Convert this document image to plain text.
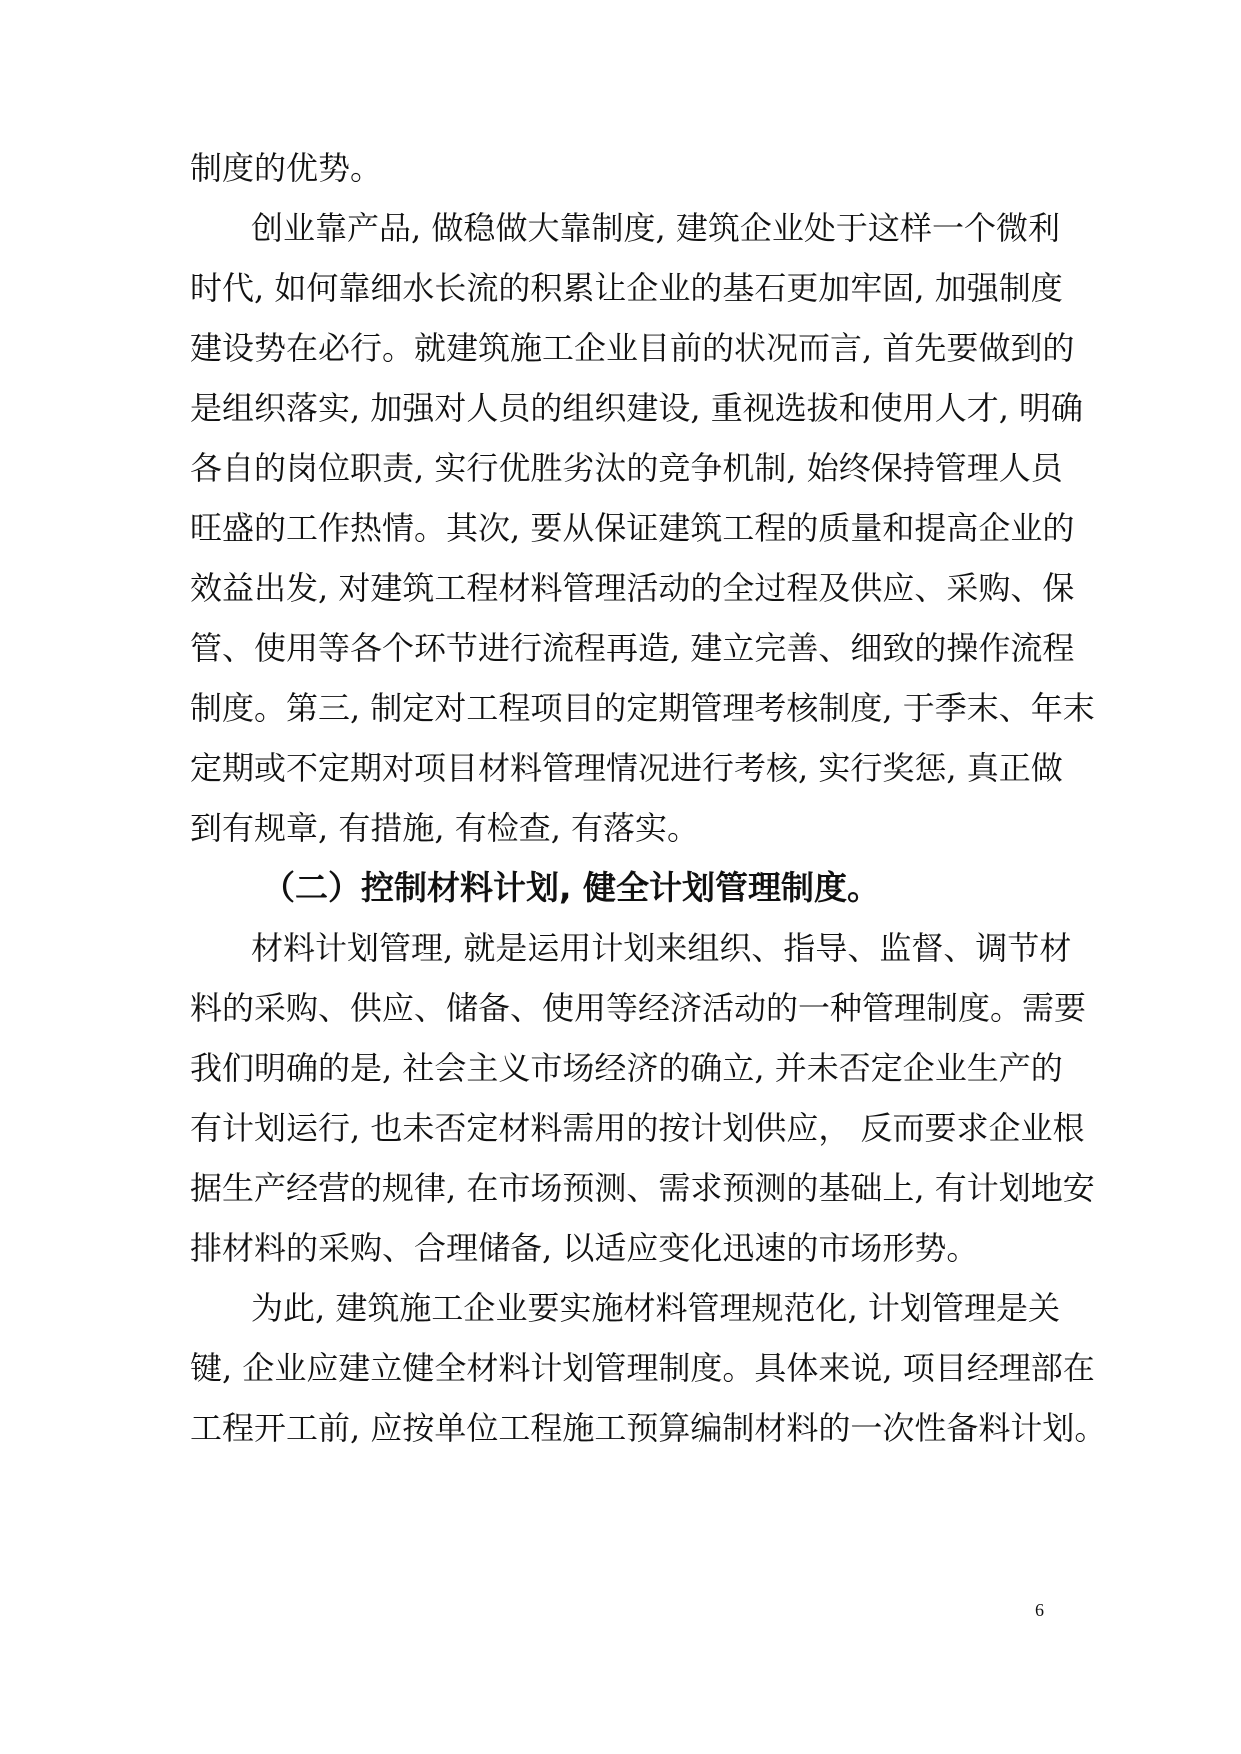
制度的优势。
创业靠产品, 做稳做大靠制度, 建筑企业处于这样一个微利
时代, 如何靠细水长流的积累让企业的基石更加牢固, 加强制度
建设势在必行。就建筑施工企业目前的状况而言, 首先要做到的
是组织落实, 加强对人员的组织建设, 重视选拔和使用人才, 明确
各自的岗位职责, 实行优胜劣汰的竞争机制, 始终保持管理人员
旺盛的工作热情。其次, 要从保证建筑工程的质量和提高企业的
效益出发, 对建筑工程材料管理活动的全过程及供应、采购、保
管、使用等各个环节进行流程再造, 建立完善、细致的操作流程
制度。第三, 制定对工程项目的定期管理考核制度, 于季末、年末
定期或不定期对项目材料管理情况进行考核, 实行奖惩, 真正做
到有规章, 有措施, 有检查, 有落实。
（二）控制材料计划, 健全计划管理制度。
材料计划管理, 就是运用计划来组织、指导、监督、调节材
料的采购、供应、储备、使用等经济活动的一种管理制度。需要
我们明确的是, 社会主义市场经济的确立, 并未否定企业生产的
有计划运行, 也未否定材料需用的按计划供应， 反而要求企业根
据生产经营的规律, 在市场预测、需求预测的基础上, 有计划地安
排材料的采购、合理储备, 以适应变化迅速的市场形势。
为此, 建筑施工企业要实施材料管理规范化, 计划管理是关
键, 企业应建立健全材料计划管理制度。具体来说, 项目经理部在
工程开工前, 应按单位工程施工预算编制材料的一次性备料计划。
6
